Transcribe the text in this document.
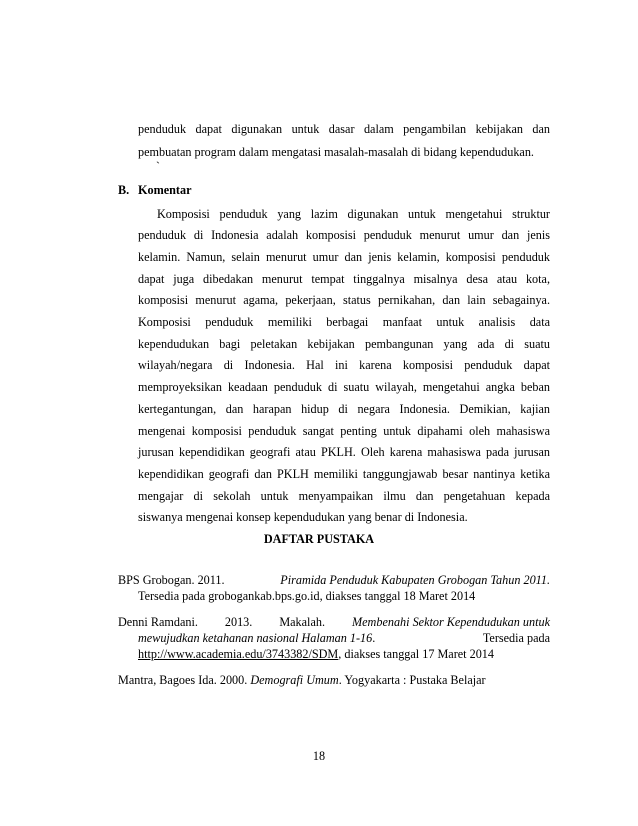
penduduk dapat digunakan untuk dasar dalam pengambilan kebijakan dan
pembuatan program dalam mengatasi masalah-masalah di bidang kependudukan.
`
B. Komentar
Komposisi penduduk yang lazim digunakan untuk mengetahui struktur
penduduk di Indonesia adalah komposisi penduduk menurut umur dan jenis
kelamin. Namun, selain menurut umur dan jenis kelamin, komposisi penduduk
dapat juga dibedakan menurut tempat tinggalnya misalnya desa atau kota,
komposisi menurut agama, pekerjaan, status pernikahan, dan lain sebagainya.
Komposisi penduduk memiliki berbagai manfaat untuk analisis data
kependudukan bagi peletakan kebijakan pembangunan yang ada di suatu
wilayah/negara di Indonesia. Hal ini karena komposisi penduduk dapat
memproyeksikan keadaan penduduk di suatu wilayah, mengetahui angka beban
kertegantungan, dan harapan hidup di negara Indonesia. Demikian, kajian
mengenai komposisi penduduk sangat penting untuk dipahami oleh mahasiswa
jurusan kependidikan geografi atau PKLH. Oleh karena mahasiswa pada jurusan
kependidikan geografi dan PKLH memiliki tanggungjawab besar nantinya ketika
mengajar di sekolah untuk menyampaikan ilmu dan pengetahuan kepada
siswanya mengenai konsep kependudukan yang benar di Indonesia.
DAFTAR PUSTAKA
BPS Grobogan. 2011.	Piramida Penduduk Kabupaten Grobogan Tahun 2011.
Tersedia pada grobogankab.bps.go.id, diakses tanggal 18 Maret 2014
Denni Ramdani. 2013. Makalah. Membenahi Sektor Kependudukan untuk
mewujudkan ketahanan nasional Halaman 1-16.	Tersedia pada
http://www.academia.edu/3743382/SDM, diakses tanggal 17 Maret 2014
Mantra, Bagoes Ida. 2000. Demografi Umum. Yogyakarta : Pustaka Belajar
18
